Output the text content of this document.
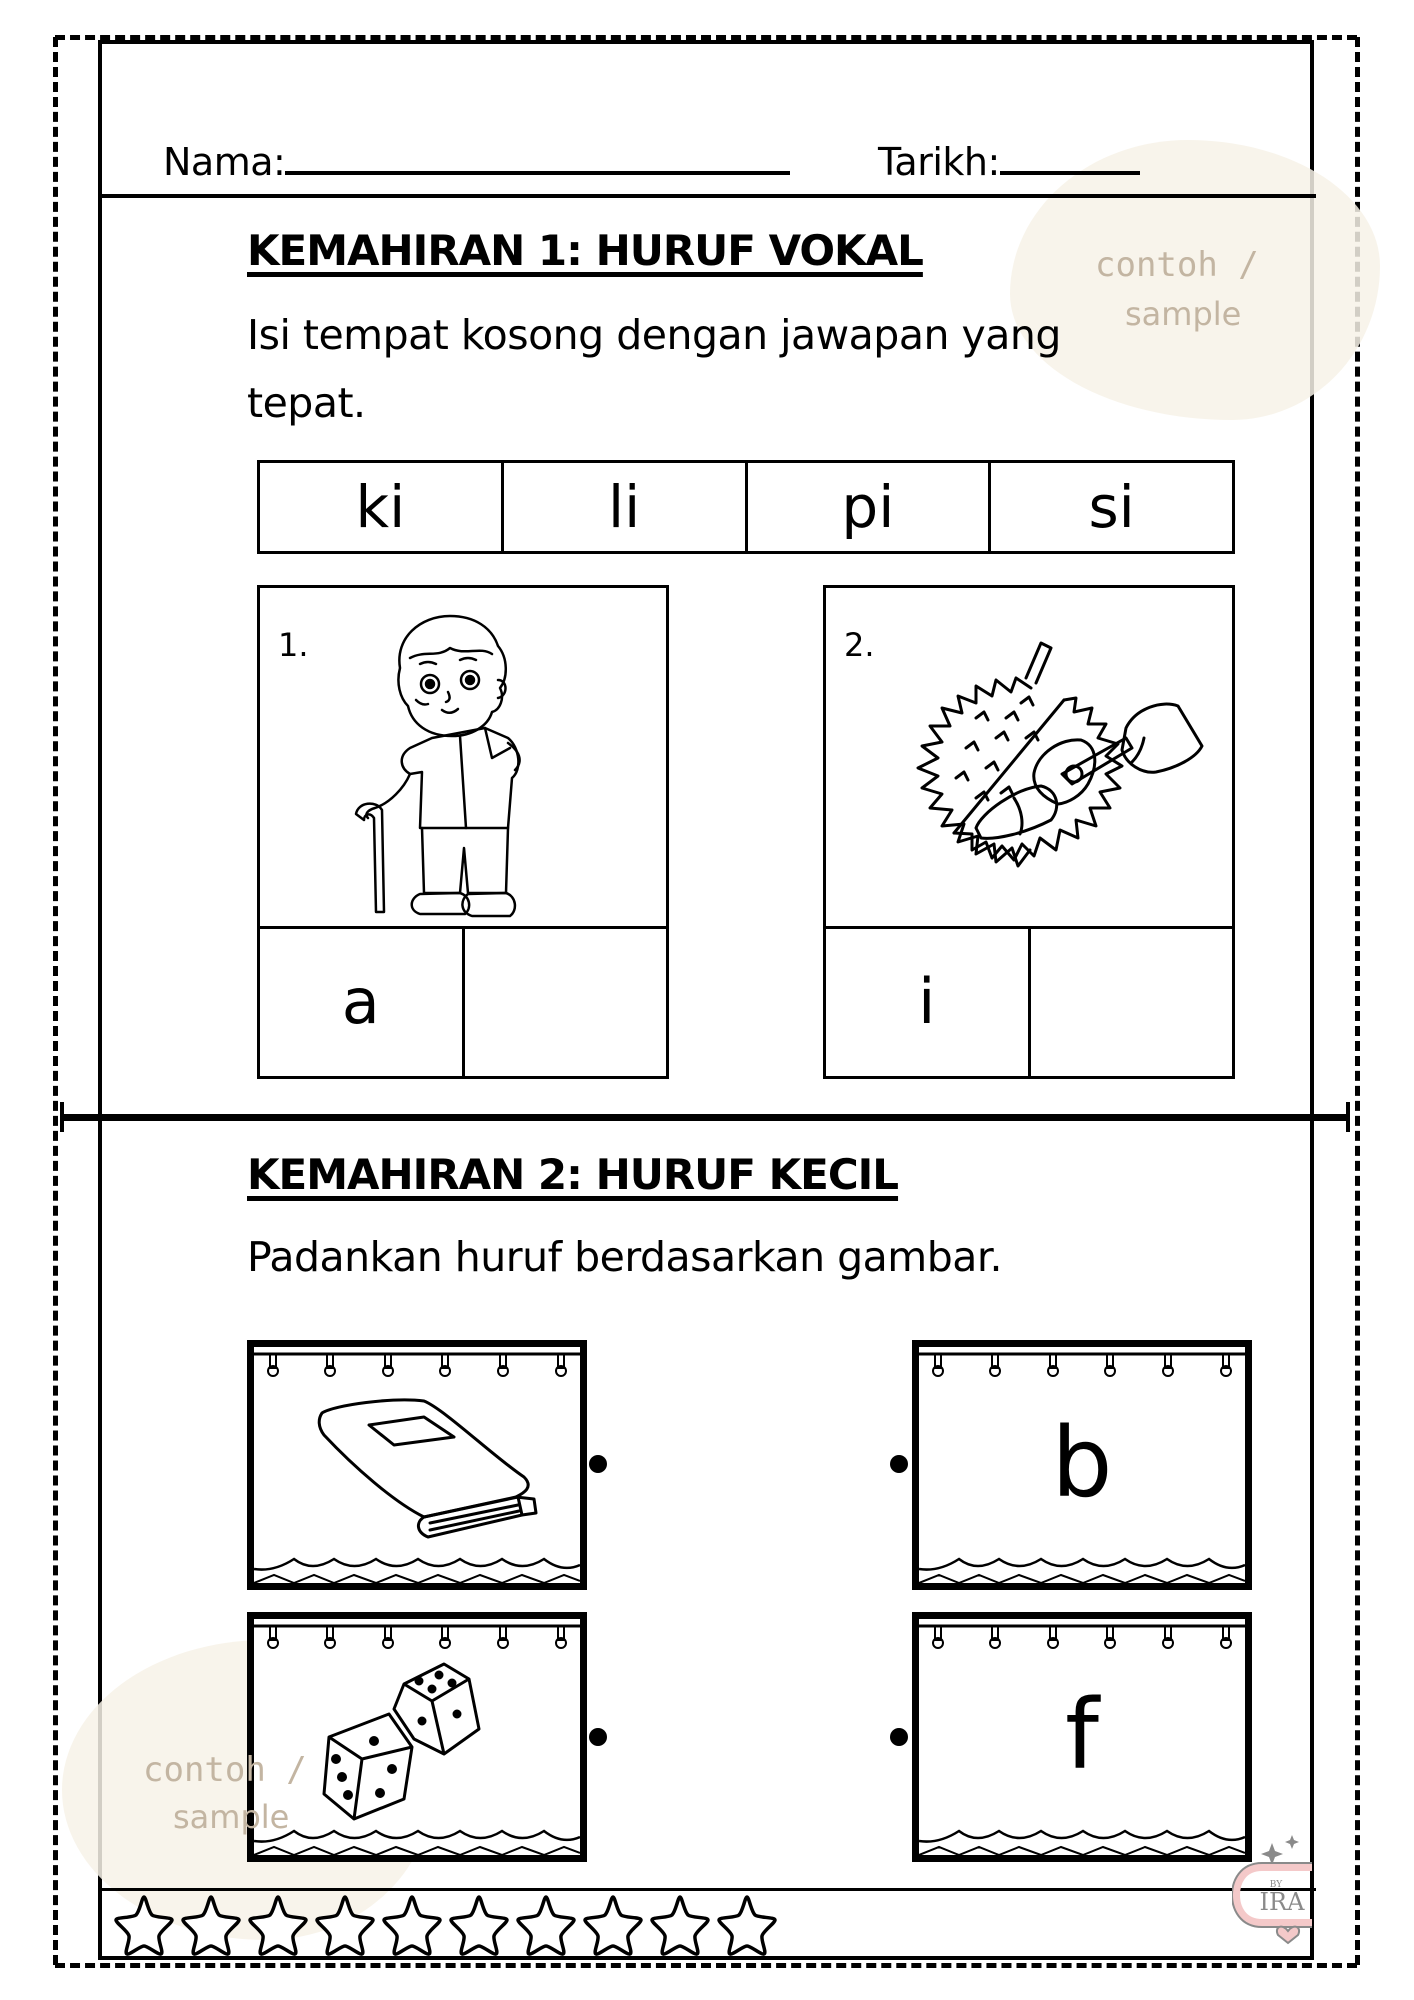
Nama:	Tarikh:
KEMAHIRAN 1: HURUF VOKAL
Isi tempat kosong dengan jawapan yang
tepat.
contoh /
sample
ki	li	pi	si
1.
a
2.
i
KEMAHIRAN 2: HURUF KECIL
Padankan huruf berdasarkan gambar.
b
f
contoh /
sample
BY
IRA
